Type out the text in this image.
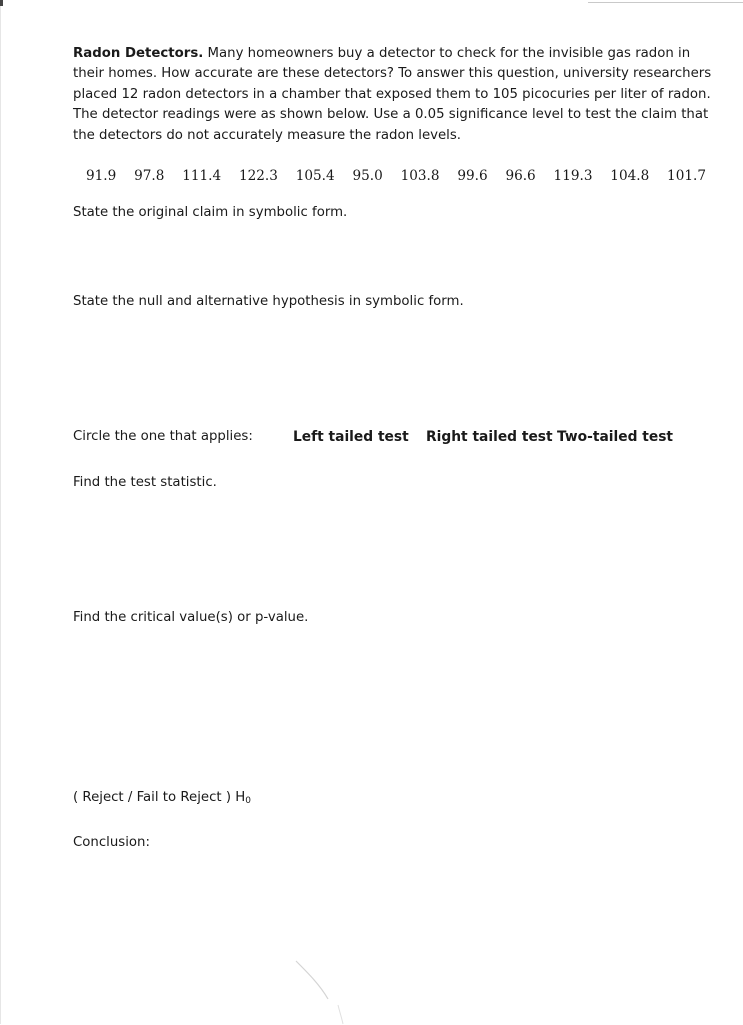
Radon Detectors. Many homeowners buy a detector to check for the invisible gas radon in their homes. How accurate are these detectors? To answer this question, university researchers placed 12 radon detectors in a chamber that exposed them to 105 picocuries per liter of radon. The detector readings were as shown below. Use a 0.05 significance level to test the claim that the detectors do not accurately measure the radon levels.

91.9 97.8 111.4 122.3 105.4 95.0 103.8 99.6 96.6 119.3 104.8 101.7

State the original claim in symbolic form.

State the null and alternative hypothesis in symbolic form.

Circle the one that applies:	Left tailed test Right tailed test Two-tailed test

Find the test statistic.

Find the critical value(s) or p-value.

( Reject / Fail to Reject ) $H_0$

Conclusion:
